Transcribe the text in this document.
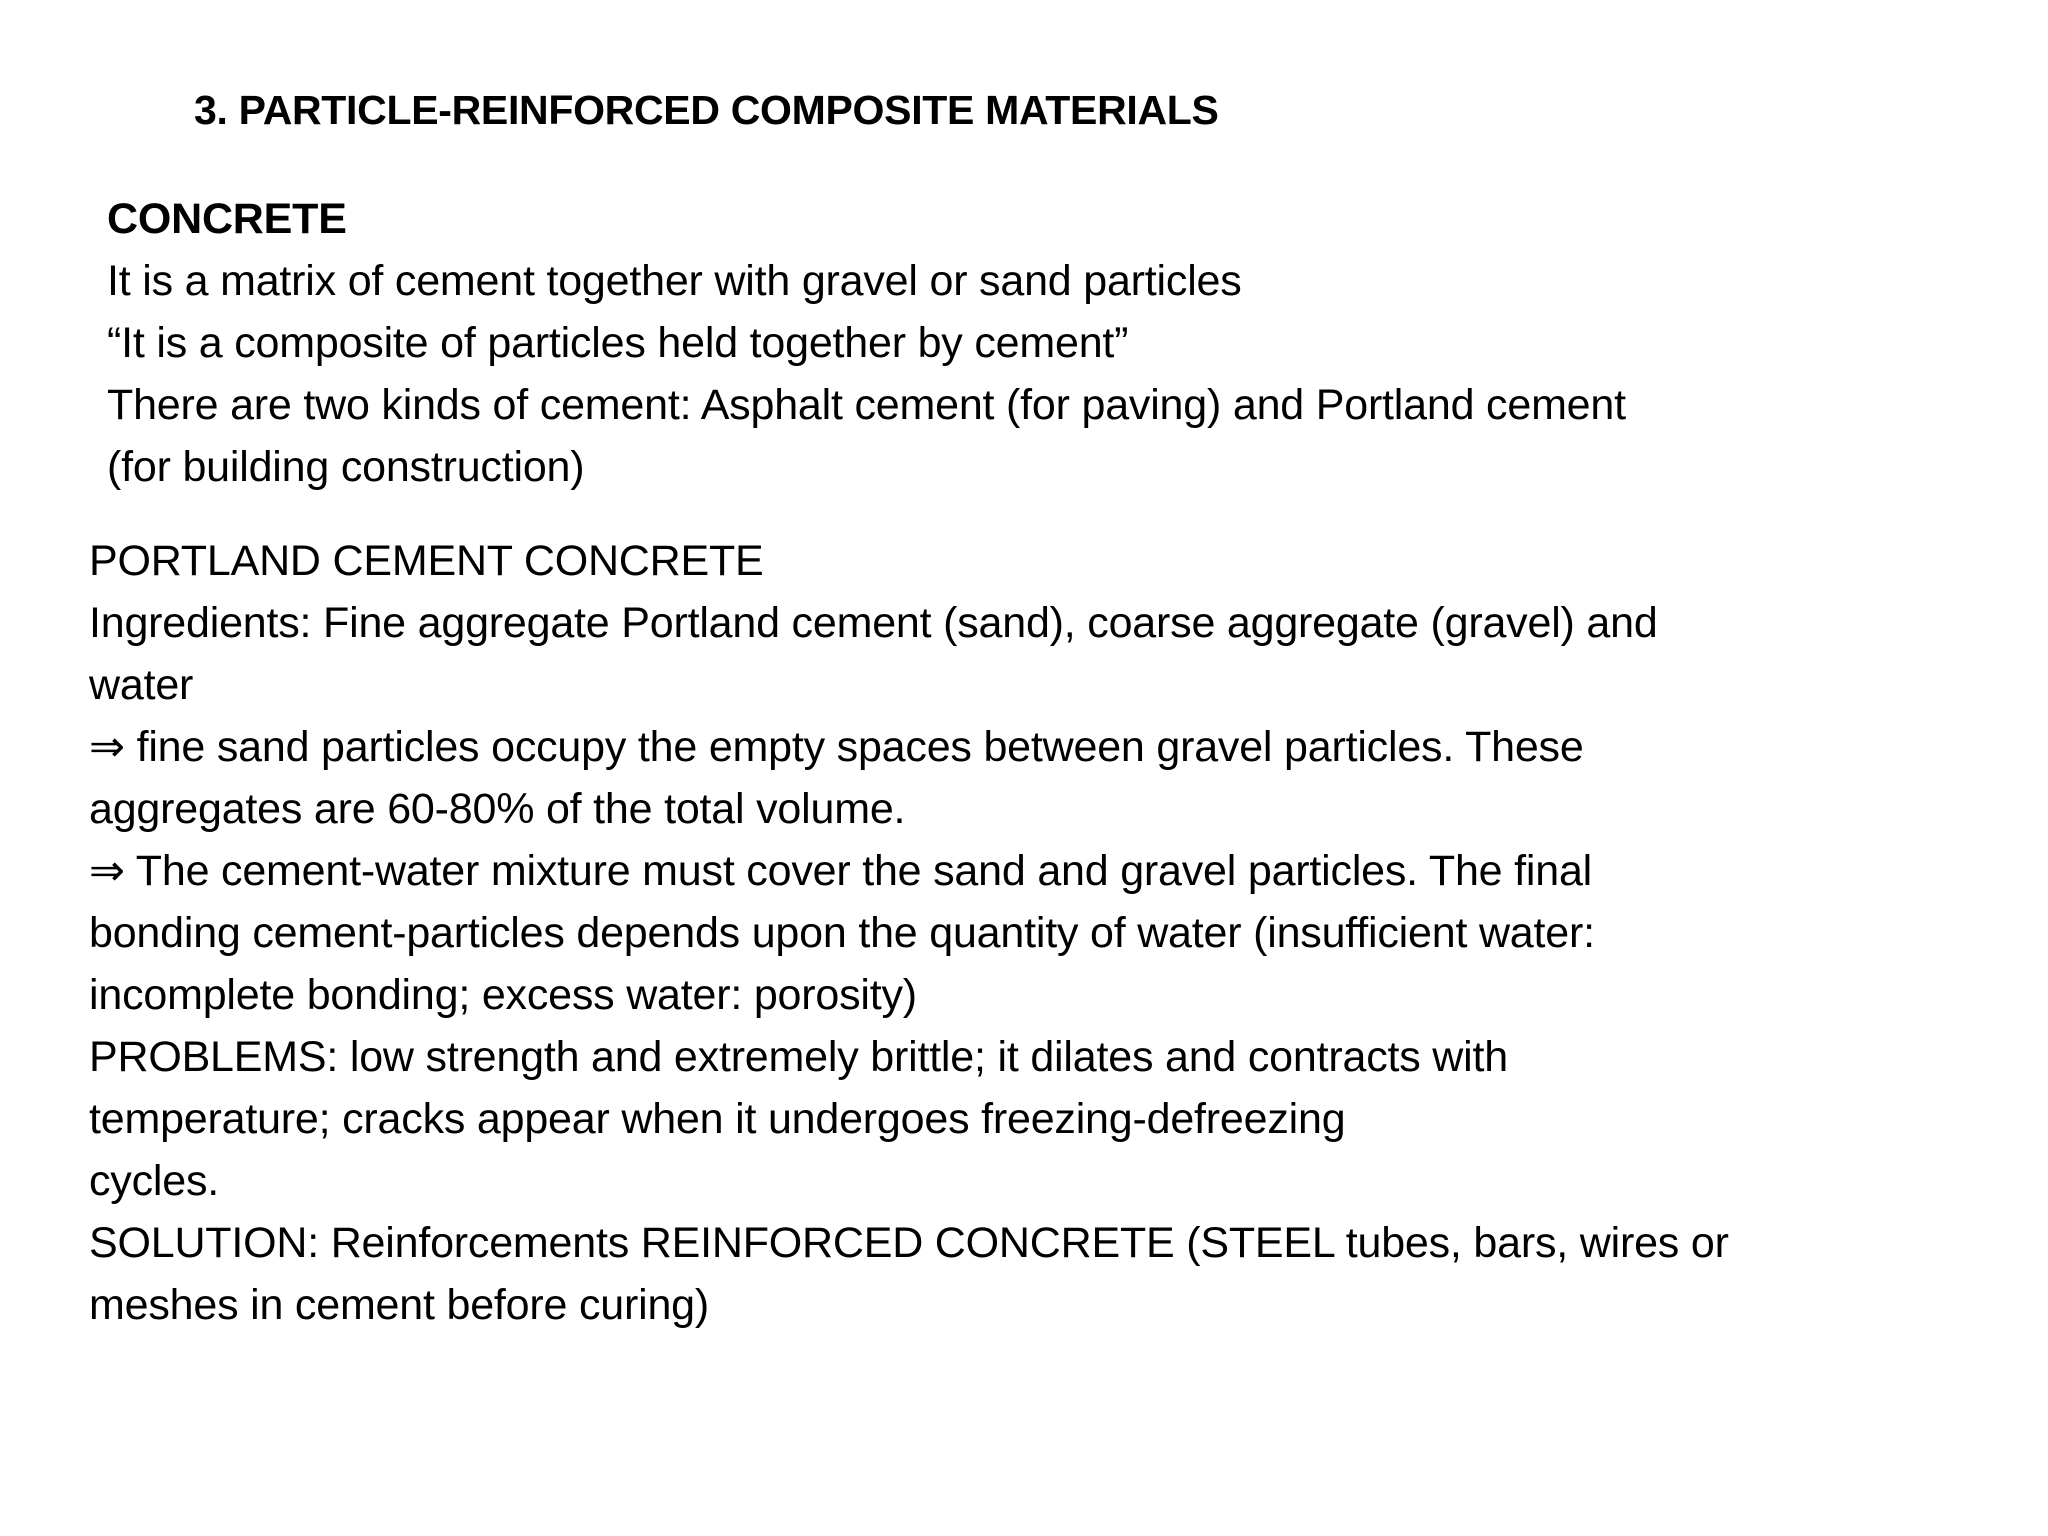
3. PARTICLE-REINFORCED COMPOSITE MATERIALS
CONCRETE
It is a matrix of cement together with gravel or sand particles
“It is a composite of particles held together by cement”
There are two kinds of cement: Asphalt cement (for paving) and Portland cement
(for building construction)
PORTLAND CEMENT CONCRETE
Ingredients: Fine aggregate Portland cement (sand), coarse aggregate (gravel) and
water
⇒ fine sand particles occupy the empty spaces between gravel particles. These
aggregates are 60-80% of the total volume.
⇒ The cement-water mixture must cover the sand and gravel particles. The final
bonding cement-particles depends upon the quantity of water (insufficient water:
incomplete bonding; excess water: porosity)
PROBLEMS: low strength and extremely brittle; it dilates and contracts with
temperature; cracks appear when it undergoes freezing-defreezing
cycles.
SOLUTION: Reinforcements REINFORCED CONCRETE (STEEL tubes, bars, wires or
meshes in cement before curing)
